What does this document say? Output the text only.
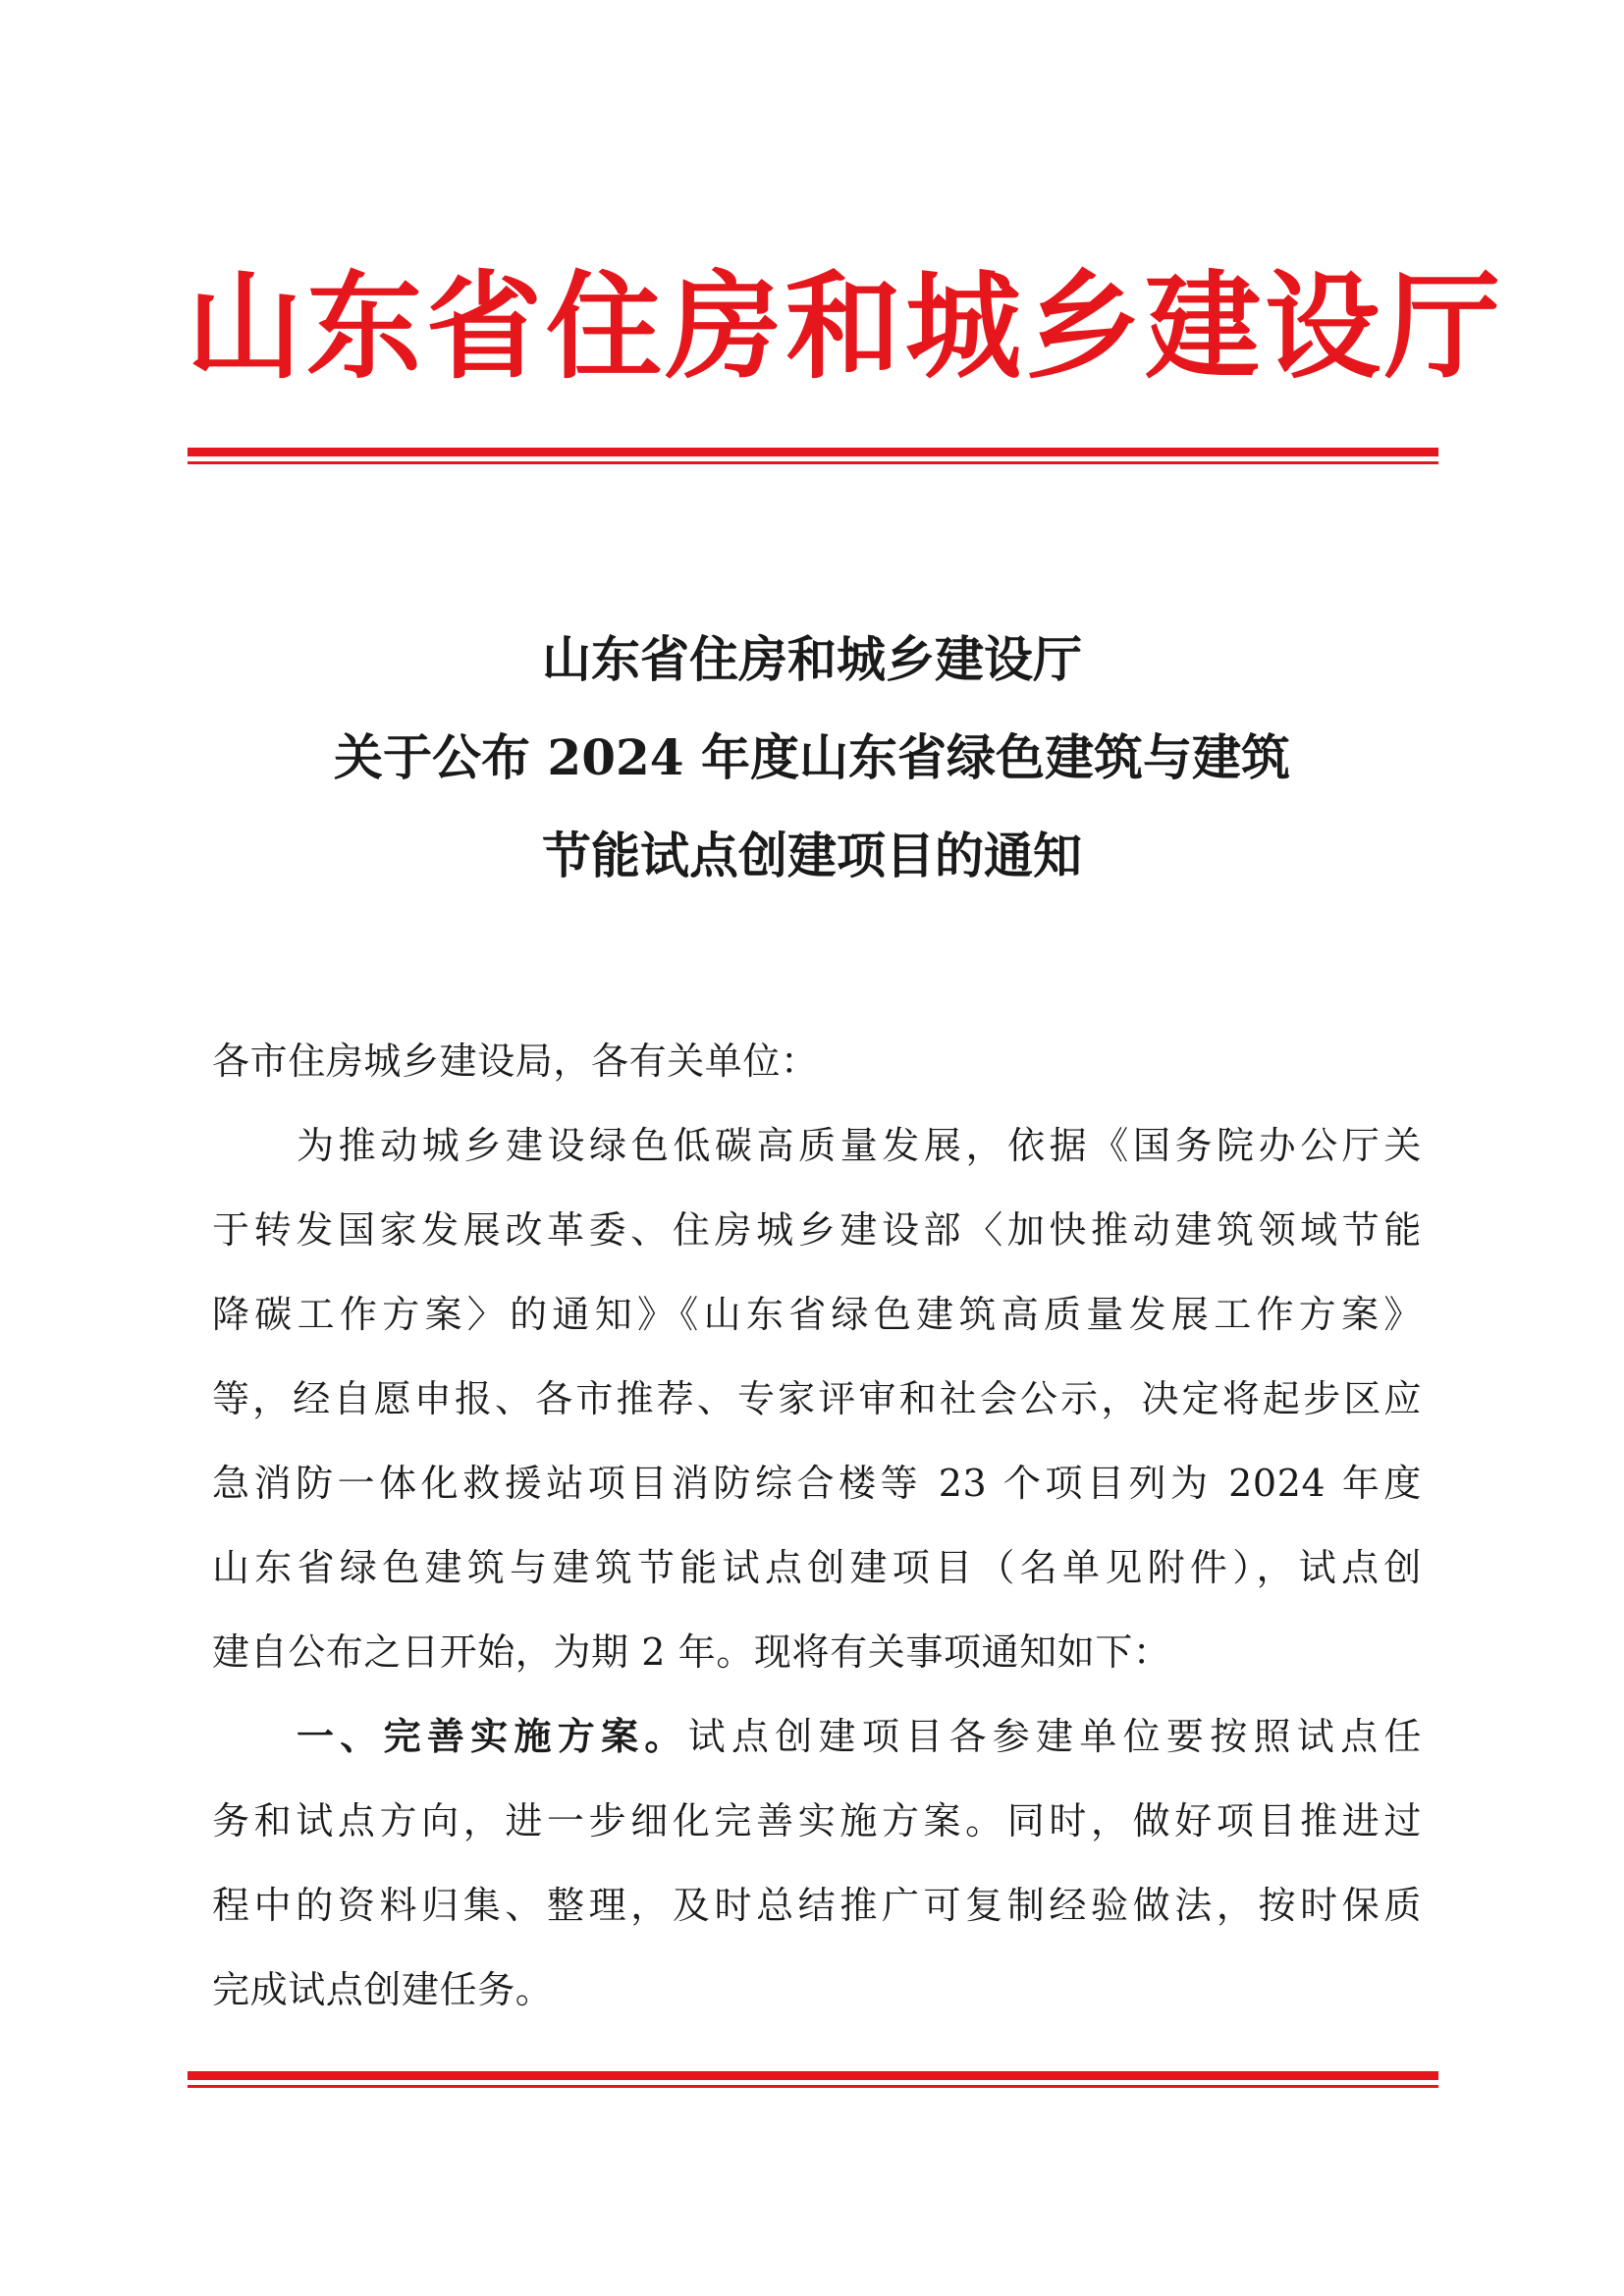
山东省住房和城乡建设厅
山东省住房和城乡建设厅
关于公布 2024 年度山东省绿色建筑与建筑
节能试点创建项目的通知

各市住房城乡建设局，各有关单位：

为推动城乡建设绿色低碳高质量发展，依据《国务院办公厅关
于转发国家发展改革委、住房城乡建设部〈加快推动建筑领域节能
降碳工作方案〉的通知》《山东省绿色建筑高质量发展工作方案》
等，经自愿申报、各市推荐、专家评审和社会公示，决定将起步区应
急消防一体化救援站项目消防综合楼等 23 个项目列为 2024 年度
山东省绿色建筑与建筑节能试点创建项目（名单见附件），试点创
建自公布之日开始，为期 2 年。现将有关事项通知如下：

一、完善实施方案。试点创建项目各参建单位要按照试点任
务和试点方向，进一步细化完善实施方案。同时，做好项目推进过
程中的资料归集、整理，及时总结推广可复制经验做法，按时保质
完成试点创建任务。
